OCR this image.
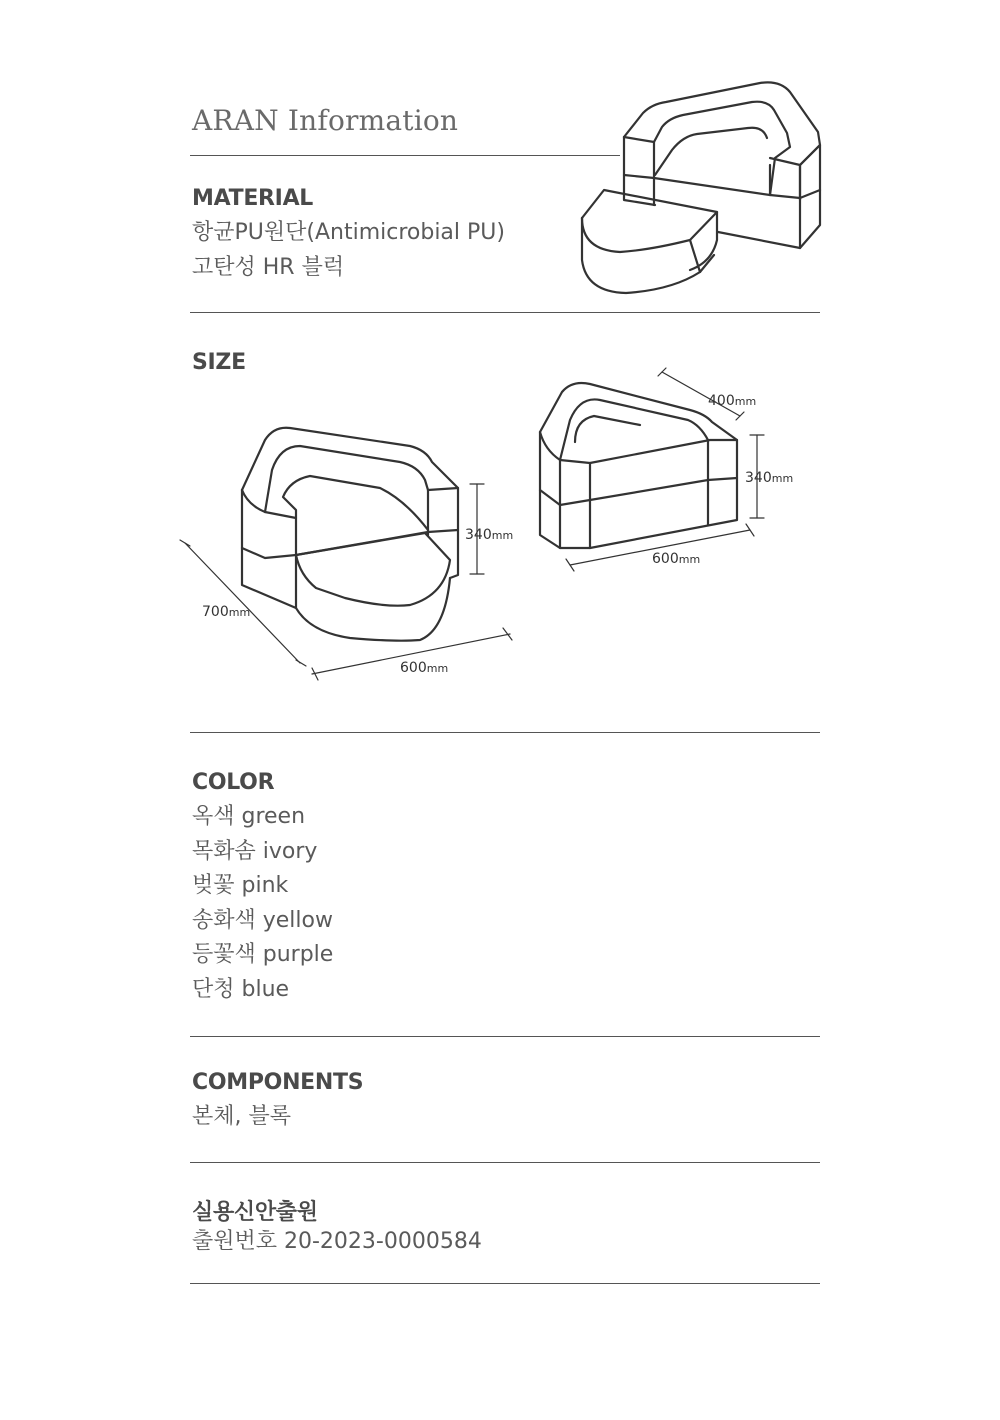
ARAN Information
MATERIAL
항균PU원단(Antimicrobial PU)
고탄성 HR 블럭
SIZE
340mm
700mm
600mm
400mm
340mm
600mm
COLOR
옥색 green
목화솜 ivory
벚꽃 pink
송화색 yellow
등꽃색 purple
단청 blue
COMPONENTS
본체, 블록
실용신안출원
출원번호 20-2023-0000584
